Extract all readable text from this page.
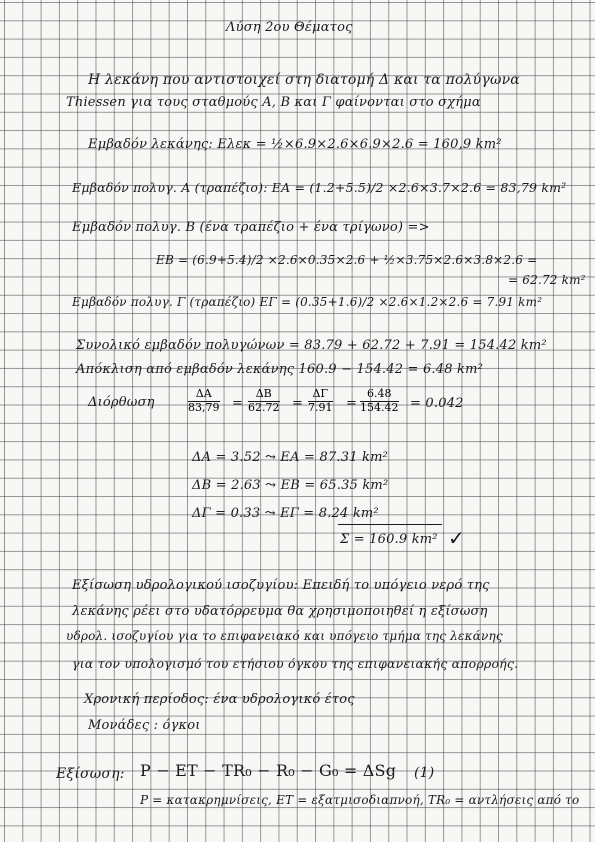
Λύση 2ου Θέματος
Η λεκάνη που αντιστοιχεί στη διατομή Δ και τα πολύγωνα
Thiessen για τους σταθμούς Α, Β και Γ φαίνονται στο σχήμα
Εμβαδόν λεκάνης: Ελεκ = ½×6.9×2.6×6.9×2.6 = 160,9 km²
Εμβαδόν πολυγ. Α (τραπέζιο): ΕΑ = (1.2+5.5)/2 ×2.6×3.7×2.6 = 83,79 km²
Εμβαδόν πολυγ. Β (ένα τραπέζιο + ένα τρίγωνο) =>
ΕΒ = (6.9+5.4)/2 ×2.6×0.35×2.6 + ½×3.75×2.6×3.8×2.6 =
= 62.72 km²
Εμβαδόν πολυγ. Γ (τραπέζιο) ΕΓ = (0.35+1.6)/2 ×2.6×1.2×2.6 = 7.91 km²
Συνολικό εμβαδόν πολυγώνων = 83.79 + 62.72 + 7.91 = 154.42 km²
Απόκλιση από εμβαδόν λεκάνης 160.9 − 154.42 = 6.48 km²
Διόρθωση	$\frac{\Delta A}{83,79} = \frac{\Delta B}{62.72} = \frac{\Delta\Gamma}{7.91} = \frac{6.48}{154.42} = 0.042$
ΔΑ = 3.52 ⤳ ΕΑ = 87.31 km²
ΔΒ = 2.63 ⤳ ΕΒ = 65.35 km²
ΔΓ = 0.33 ⤳ ΕΓ = 8.24 km²
Σ = 160.9 km² ✓
Εξίσωση υδρολογικού ισοζυγίου: Επειδή το υπόγειο νερό της
λεκάνης ρέει στο υδατόρρευμα θα χρησιμοποιηθεί η εξίσωση
υδρολ. ισοζυγίου για το επιφανειακό και υπόγειο τμήμα της λεκάνης
για τον υπολογισμό του ετήσιου όγκου της επιφανειακής απορροής.
Χρονική περίοδος: ένα υδρολογικό έτος
Μονάδες : όγκοι
Εξίσωση: P − ET − TR₀ − R₀ − G₀ = ΔSg (1)
P = κατακρημνίσεις, ET = εξατμισοδιαπνοή, TR₀ = αντλήσεις από το
